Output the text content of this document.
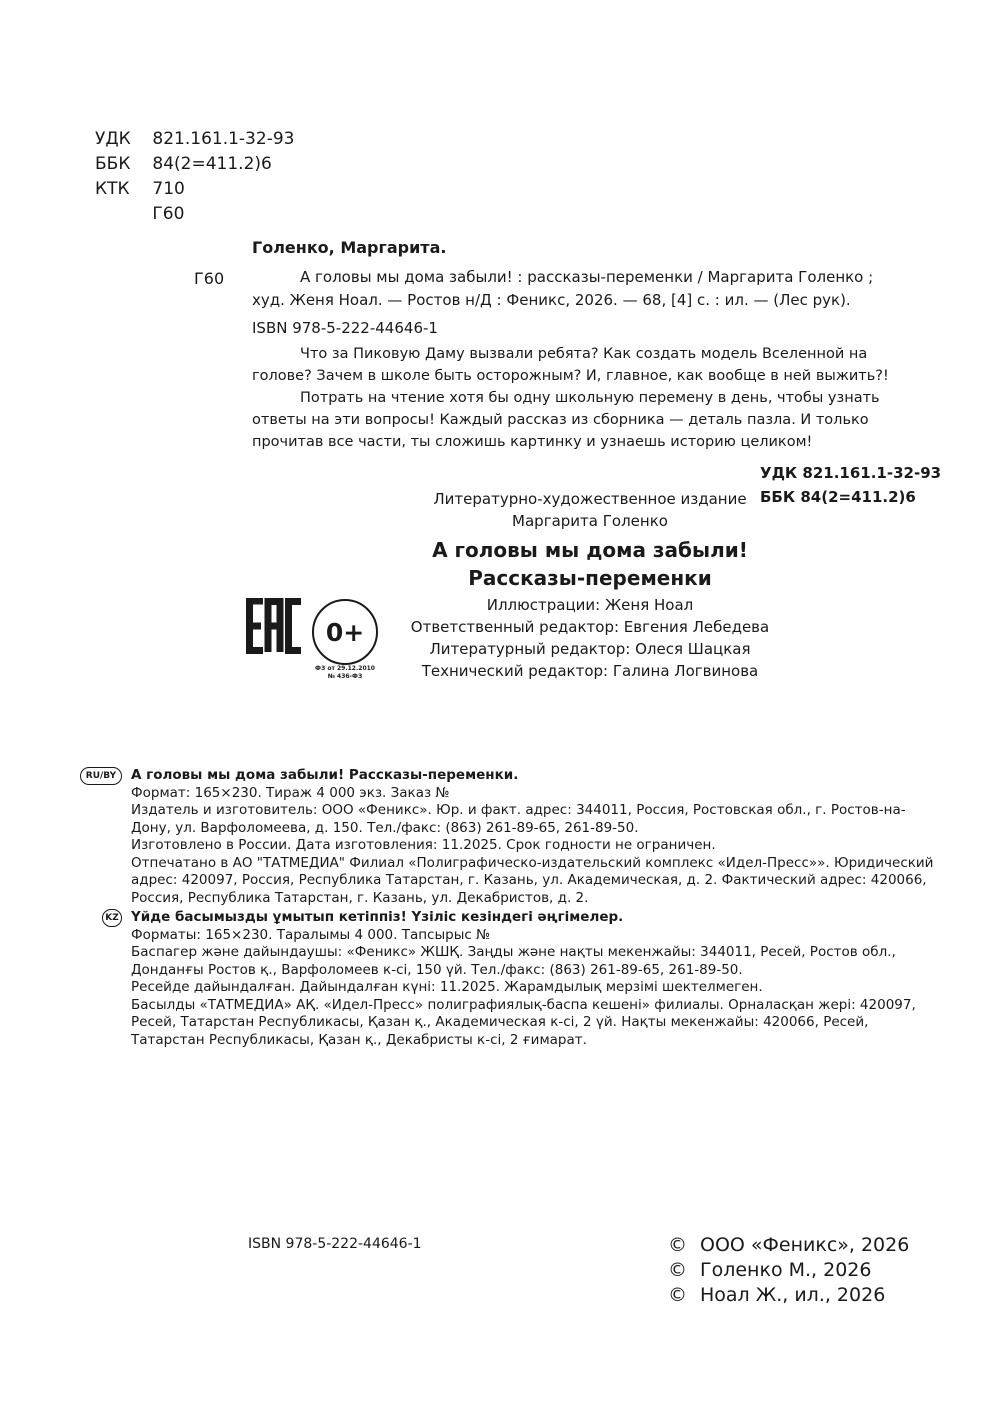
УДК 821.161.1-32-93
ББК 84(2=411.2)6
КТК 710
Г60
Голенко, Маргарита.
Г60	А головы мы дома забыли! : рассказы-переменки / Маргарита Голенко ;
худ. Женя Ноал. — Ростов н/Д : Феникс, 2026. — 68, [4] с. : ил. — (Лес рук).
ISBN 978-5-222-44646-1

Что за Пиковую Даму вызвали ребята? Как создать модель Вселенной на голове? Зачем в школе быть осторожным? И, главное, как вообще в ней выжить?!

Потрать на чтение хотя бы одну школьную перемену в день, чтобы узнать ответы на эти вопросы! Каждый рассказ из сборника — деталь пазла. И только прочитав все части, ты сложишь картинку и узнаешь историю целиком!

УДК 821.161.1-32-93
ББК 84(2=411.2)6
Литературно-художественное издание
Маргарита Голенко
А головы мы дома забыли!
Рассказы-переменки
Иллюстрации: Женя Ноал
Ответственный редактор: Евгения Лебедева
Литературный редактор: Олеся Шацкая
Технический редактор: Галина Логвинова
0+
ФЗ от 29.12.2010
№ 436-ФЗ
RU/BY	А головы мы дома забыли! Рассказы-переменки.

Формат: 165×230. Тираж 4 000 экз. Заказ №

Издатель и изготовитель: ООО «Феникс». Юр. и факт. адрес: 344011, Россия, Ростовская обл., г. Ростов-на-Дону, ул. Варфоломеева, д. 150. Тел./факс: (863) 261-89-65, 261-89-50.

Изготовлено в России. Дата изготовления: 11.2025. Срок годности не ограничен.

Отпечатано в АО "ТАТМЕДИА" Филиал «Полиграфическо-издательский комплекс «Идел-Пресс»». Юридический адрес: 420097, Россия, Республика Татарстан, г. Казань, ул. Академическая, д. 2. Фактический адрес: 420066, Россия, Республика Татарстан, г. Казань, ул. Декабристов, д. 2.

KZ Үйде басымызды ұмытып кетіппіз! Үзіліс кезіндегі әңгімелер.

Форматы: 165×230. Таралымы 4 000. Тапсырыс №

Баспагер және дайындаушы: «Феникс» ЖШҚ. Заңды және нақты мекенжайы: 344011, Ресей, Ростов обл., Донданғы Ростов қ., Варфоломеев к-сі, 150 үй. Тел./факс: (863) 261-89-65, 261-89-50.

Ресейде дайындалған. Дайындалған күні: 11.2025. Жарамдылық мерзімі шектелмеген.

Басылды «ТАТМЕДИА» АҚ. «Идел-Пресс» полиграфиялық-баспа кешені» филиалы. Орналасқан жері: 420097, Ресей, Татарстан Республикасы, Қазан қ., Академическая к-сі, 2 үй. Нақты мекенжайы: 420066, Ресей, Татарстан Республикасы, Қазан қ., Декабристы к-сі, 2 ғимарат.

ISBN 978-5-222-44646-1	© ООО «Феникс», 2026
© Голенко М., 2026
© Ноал Ж., ил., 2026
